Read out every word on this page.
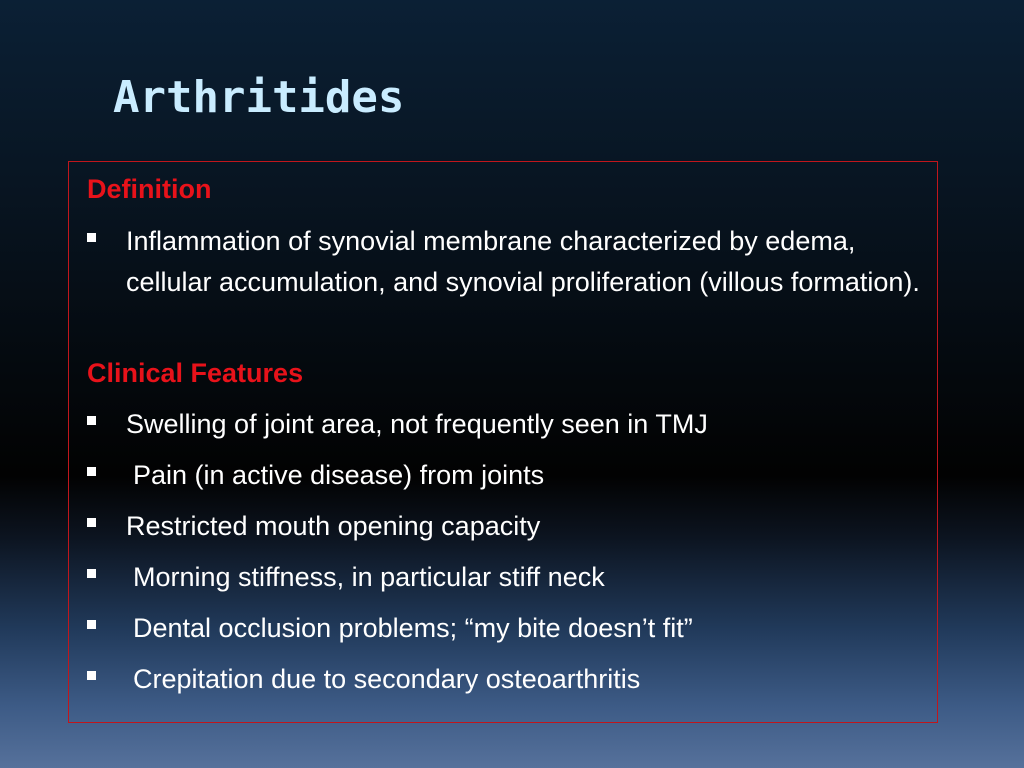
Arthritides
Definition
Inflammation of synovial membrane characterized by edema, cellular accumulation, and synovial proliferation (villous formation).
Clinical Features
Swelling of joint area, not frequently seen in TMJ
Pain (in active disease) from joints
Restricted mouth opening capacity
Morning stiffness, in particular stiff neck
Dental occlusion problems; “my bite doesn’t fit”
Crepitation due to secondary osteoarthritis
